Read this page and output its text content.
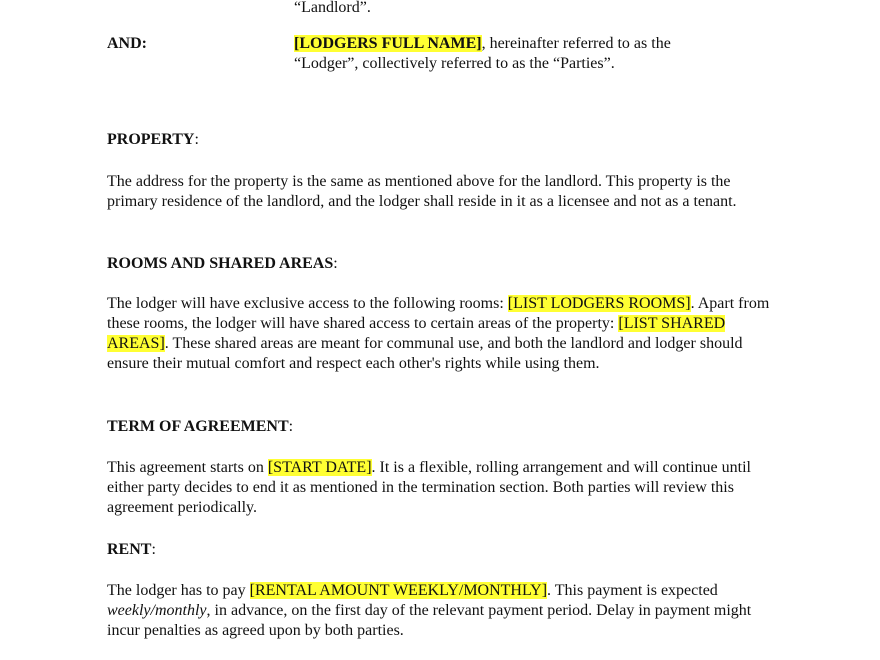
“Landlord”.

AND:	[LODGERS FULL NAME], hereinafter referred to as the
“Lodger”, collectively referred to as the “Parties”.

PROPERTY:

The address for the property is the same as mentioned above for the landlord. This property is the primary residence of the landlord, and the lodger shall reside in it as a licensee and not as a tenant.

ROOMS AND SHARED AREAS:

The lodger will have exclusive access to the following rooms: [LIST LODGERS ROOMS]. Apart from these rooms, the lodger will have shared access to certain areas of the property: [LIST SHARED AREAS]. These shared areas are meant for communal use, and both the landlord and lodger should ensure their mutual comfort and respect each other's rights while using them.

TERM OF AGREEMENT:

This agreement starts on [START DATE]. It is a flexible, rolling arrangement and will continue until either party decides to end it as mentioned in the termination section. Both parties will review this agreement periodically.

RENT:

The lodger has to pay [RENTAL AMOUNT WEEKLY/MONTHLY]. This payment is expected weekly/monthly, in advance, on the first day of the relevant payment period. Delay in payment might incur penalties as agreed upon by both parties.
